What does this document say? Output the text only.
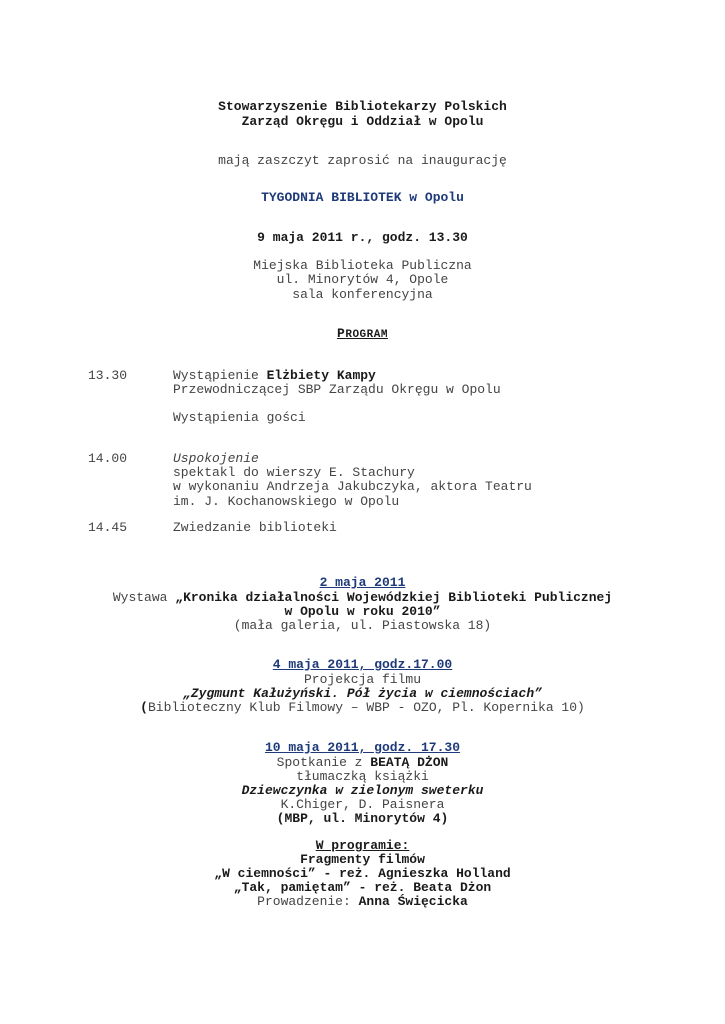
Stowarzyszenie Bibliotekarzy Polskich
Zarząd Okręgu i Oddział w Opolu
mają zaszczyt zaprosić na inaugurację
TYGODNIA BIBLIOTEK w Opolu
9 maja 2011 r., godz. 13.30
Miejska Biblioteka Publiczna
ul. Minorytów 4, Opole
sala konferencyjna
PROGRAM
13.30	Wystąpienie Elżbiety Kampy
Przewodniczącej SBP Zarządu Okręgu w Opolu
Wystąpienia gości
14.00	Uspokojenie
spektakl do wierszy E. Stachury
w wykonaniu Andrzeja Jakubczyka, aktora Teatru
im. J. Kochanowskiego w Opolu
14.45	Zwiedzanie biblioteki
2 maja 2011
Wystawa „Kronika działalności Wojewódzkiej Biblioteki Publicznej
w Opolu w roku 2010”
(mała galeria, ul. Piastowska 18)
4 maja 2011, godz.17.00
Projekcja filmu
„Zygmunt Kałużyński. Pół życia w ciemnościach”
(Biblioteczny Klub Filmowy – WBP - OZO, Pl. Kopernika 10)
10 maja 2011, godz. 17.30
Spotkanie z BEATĄ DŻON
tłumaczką książki
Dziewczynka w zielonym sweterku
K.Chiger, D. Paisnera
(MBP, ul. Minorytów 4)
W programie:
Fragmenty filmów
„W ciemności” - reż. Agnieszka Holland
„Tak, pamiętam” - reż. Beata Dżon
Prowadzenie: Anna Święcicka
